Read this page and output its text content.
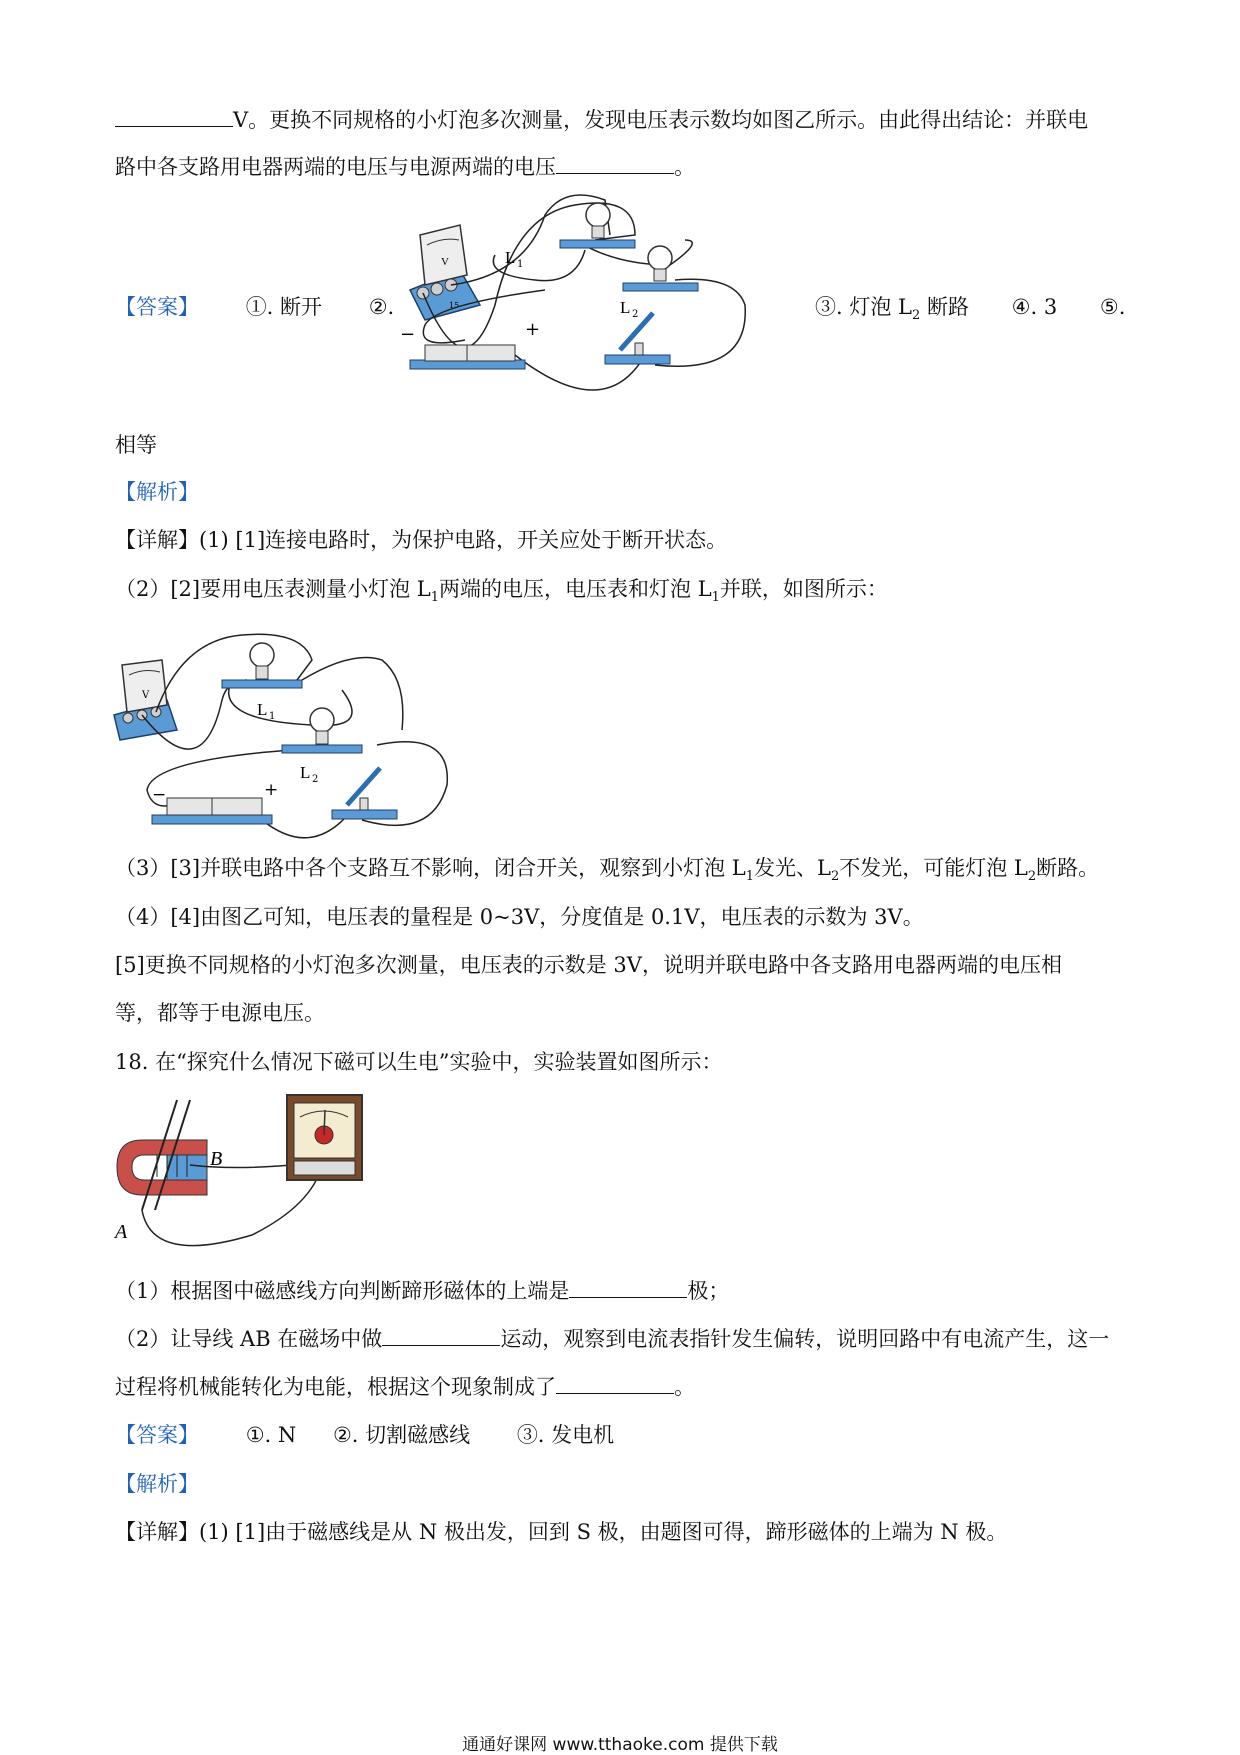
V。更换不同规格的小灯泡多次测量，发现电压表示数均如图乙所示。由此得出结论：并联电
路中各支路用电器两端的电压与电源两端的电压	。
【答案】 ①. 断开 ②.	③. 灯泡 $L_2$ 断路 ④. 3 ⑤.
V
15
L 1
L 2
−	+
相等
【解析】
【详解】(1) [1]连接电路时，为保护电路，开关应处于断开状态。
（2）[2]要用电压表测量小灯泡 $L_1$两端的电压，电压表和灯泡 $L_1$并联，如图所示：
V
L 1
L 2
−	+
（3）[3]并联电路中各个支路互不影响，闭合开关，观察到小灯泡 $L_1$发光、$L_2$不发光，可能灯泡 $L_2$断路。
（4）[4]由图乙可知，电压表的量程是 0~3V，分度值是 0.1V，电压表的示数为 3V。
[5]更换不同规格的小灯泡多次测量，电压表的示数是 3V，说明并联电路中各支路用电器两端的电压相
等，都等于电源电压。
18. 在“探究什么情况下磁可以生电”实验中，实验装置如图所示：
B
A
（1）根据图中磁感线方向判断蹄形磁体的上端是	极；
（2）让导线 AB 在磁场中做	运动，观察到电流表指针发生偏转，说明回路中有电流产生，这一
过程将机械能转化为电能，根据这个现象制成了	。
【答案】 ①. N ②. 切割磁感线 ③. 发电机
【解析】
【详解】(1) [1]由于磁感线是从 N 极出发，回到 S 极，由题图可得，蹄形磁体的上端为 N 极。
通通好课网 www.tthaoke.com 提供下载
